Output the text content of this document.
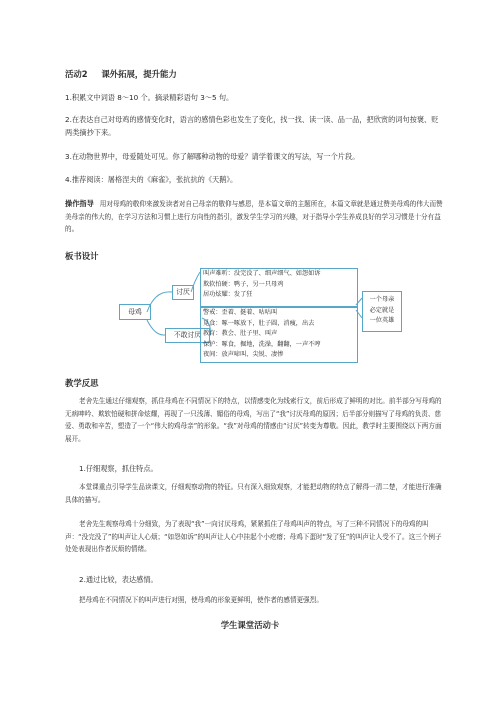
活动2 课外拓展，提升能力
1.积累文中词语 8～10 个。摘录精彩语句 3～5 句。
2.在表达自己对母鸡的感情变化时，语言的感情色彩也发生了变化，找一找、读一读、品一品，把欣赏的词句按褒、贬两类摘抄下来。
3.在动物世界中，母爱随处可见。你了解哪种动物的母爱？请学着课文的写法，写一个片段。
4.推荐阅读：屠格涅夫的《麻雀》，张抗抗的《天鹅》。
操作指导 用对母鸡的敬仰来激发读者对自己母亲的敬仰与感恩，是本篇文章的主题所在，本篇文章就是通过赞美母鸡的伟大而赞美母亲的伟大的，在学习方法和习惯上进行方向性的指引，激发学生学习的兴趣，对于指导小学生养成良好的学习习惯是十分有益的。
板书设计
母鸡
讨厌
不敢讨厌
叫声难听：没完没了、细声细气、如怨如诉
欺软怕硬：鸭子，另一只母鸡
居功炫耀：发了狂
警戒：歪着、挺着、咕咕叫
觅食：啄一啄放下，肚子圆，消瘦，出去
教育：教会、肚子里、叫声
保护：啄食，掘地，洗澡，翻翻，一声不哼
夜间：放声啼叫、尖锐、凄惨
一个母亲
必定就是
一位英雄
教学反思
老舍先生通过仔细观察，抓住母鸡在不同情况下的特点，以情感变化为线索行文，前后形成了鲜明的对比。前半部分写母鸡的无病呻吟、欺软怕硬和拼命炫耀，再现了一只浅薄、媚俗的母鸡，写出了“我”讨厌母鸡的原因；后半部分则描写了母鸡的负责、慈爱、勇敢和辛苦，塑造了一个“伟大的鸡母亲”的形象。“我”对母鸡的情感由“讨厌”转变为尊敬。因此，教学时主要围绕以下两方面展开。
1.仔细观察，抓住特点。
本堂课重点引导学生品读课文，仔细观察动物的特征。只有深入细致观察，才能把动物的特点了解得一清二楚，才能进行准确具体的描写。
老舍先生观察母鸡十分细致，为了表现“我”一向讨厌母鸡，紧紧抓住了母鸡叫声的特点，写了三种不同情况下的母鸡的叫声：“没完没了”的叫声让人心烦；“如怨如诉”的叫声让人心中挂起个小疙瘩；母鸡下蛋时“发了狂”的叫声让人受不了。这三个例子处处表现出作者厌烦的情绪。
2.通过比较，表达感情。
把母鸡在不同情况下的叫声进行对照，使母鸡的形象更鲜明，使作者的感情更强烈。
学生课堂活动卡
